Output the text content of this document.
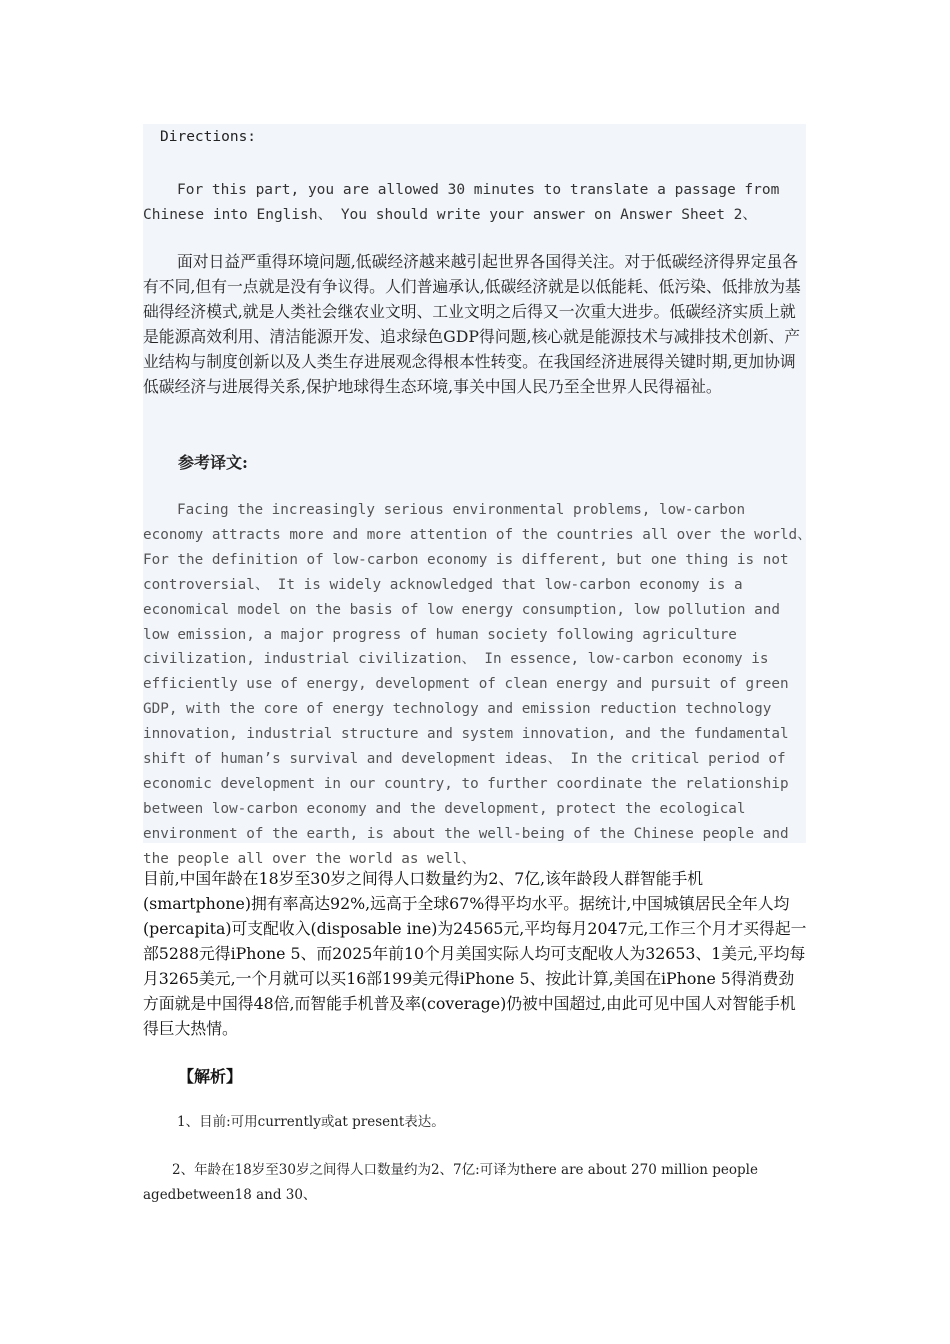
Directions:

For this part, you are allowed 30 minutes to translate a passage from Chinese into English、 You should write your answer on Answer Sheet 2、

面对日益严重得环境问题,低碳经济越来越引起世界各国得关注。对于低碳经济得界定虽各有不同,但有一点就是没有争议得。人们普遍承认,低碳经济就是以低能耗、低污染、低排放为基础得经济模式,就是人类社会继农业文明、工业文明之后得又一次重大进步。低碳经济实质上就是能源高效利用、清洁能源开发、追求绿色GDP得问题,核心就是能源技术与减排技术创新、产业结构与制度创新以及人类生存进展观念得根本性转变。在我国经济进展得关键时期,更加协调低碳经济与进展得关系,保护地球得生态环境,事关中国人民乃至全世界人民得福祉。

参考译文:

Facing the increasingly serious environmental problems, low-carbon economy attracts more and more attention of the countries all over the world、 For the definition of low-carbon economy is different, but one thing is not controversial、 It is widely acknowledged that low-carbon economy is a economical model on the basis of low energy consumption, low pollution and low emission, a major progress of human society following agriculture civilization, industrial civilization、 In essence, low-carbon economy is efficiently use of energy, development of clean energy and pursuit of green GDP, with the core of energy technology and emission reduction technology innovation, industrial structure and system innovation, and the fundamental shift of human’s survival and development ideas、 In the critical period of economic development in our country, to further coordinate the relationship between low-carbon economy and the development, protect the ecological environment of the earth, is about the well-being of the Chinese people and the people all over the world as well、

目前,中国年龄在18岁至30岁之间得人口数量约为2、7亿,该年龄段人群智能手机(smartphone)拥有率高达92%,远高于全球67%得平均水平。据统计,中国城镇居民全年人均(percapita)可支配收入(disposable ine)为24565元,平均每月2047元,工作三个月才买得起一部5288元得iPhone 5、而2025年前10个月美国实际人均可支配收人为32653、1美元,平均每月3265美元,一个月就可以买16部199美元得iPhone 5、按此计算,美国在iPhone 5得消费劲方面就是中国得48倍,而智能手机普及率(coverage)仍被中国超过,由此可见中国人对智能手机得巨大热情。

【解析】

1、目前:可用currently或at present表达。

2、年龄在18岁至30岁之间得人口数量约为2、7亿:可译为there are about 270 million people agedbetween18 and 30、
